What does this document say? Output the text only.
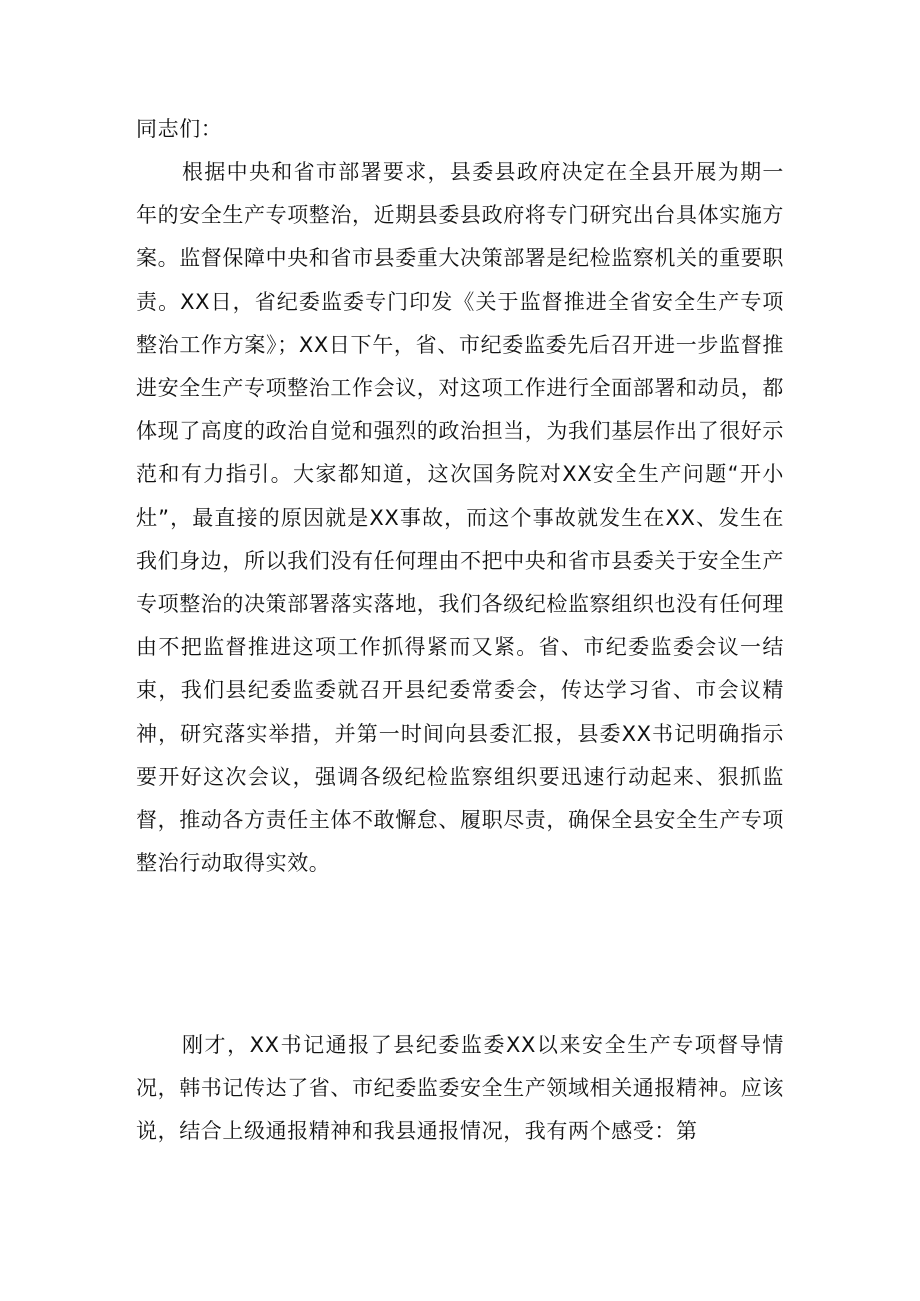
同志们：

根据中央和省市部署要求，县委县政府决定在全县开展为期一年的安全生产专项整治，近期县委县政府将专门研究出台具体实施方案。监督保障中央和省市县委重大决策部署是纪检监察机关的重要职责。XX日，省纪委监委专门印发《关于监督推进全省安全生产专项整治工作方案》；XX日下午，省、市纪委监委先后召开进一步监督推进安全生产专项整治工作会议，对这项工作进行全面部署和动员，都体现了高度的政治自觉和强烈的政治担当，为我们基层作出了很好示范和有力指引。大家都知道，这次国务院对XX安全生产问题“开小灶”，最直接的原因就是XX事故，而这个事故就发生在XX、发生在我们身边，所以我们没有任何理由不把中央和省市县委关于安全生产专项整治的决策部署落实落地，我们各级纪检监察组织也没有任何理由不把监督推进这项工作抓得紧而又紧。省、市纪委监委会议一结束，我们县纪委监委就召开县纪委常委会，传达学习省、市会议精神，研究落实举措，并第一时间向县委汇报，县委XX书记明确指示要开好这次会议，强调各级纪检监察组织要迅速行动起来、狠抓监督，推动各方责任主体不敢懈怠、履职尽责，确保全县安全生产专项整治行动取得实效。

刚才，XX书记通报了县纪委监委XX以来安全生产专项督导情况，韩书记传达了省、市纪委监委安全生产领域相关通报精神。应该说，结合上级通报精神和我县通报情况，我有两个感受：第
